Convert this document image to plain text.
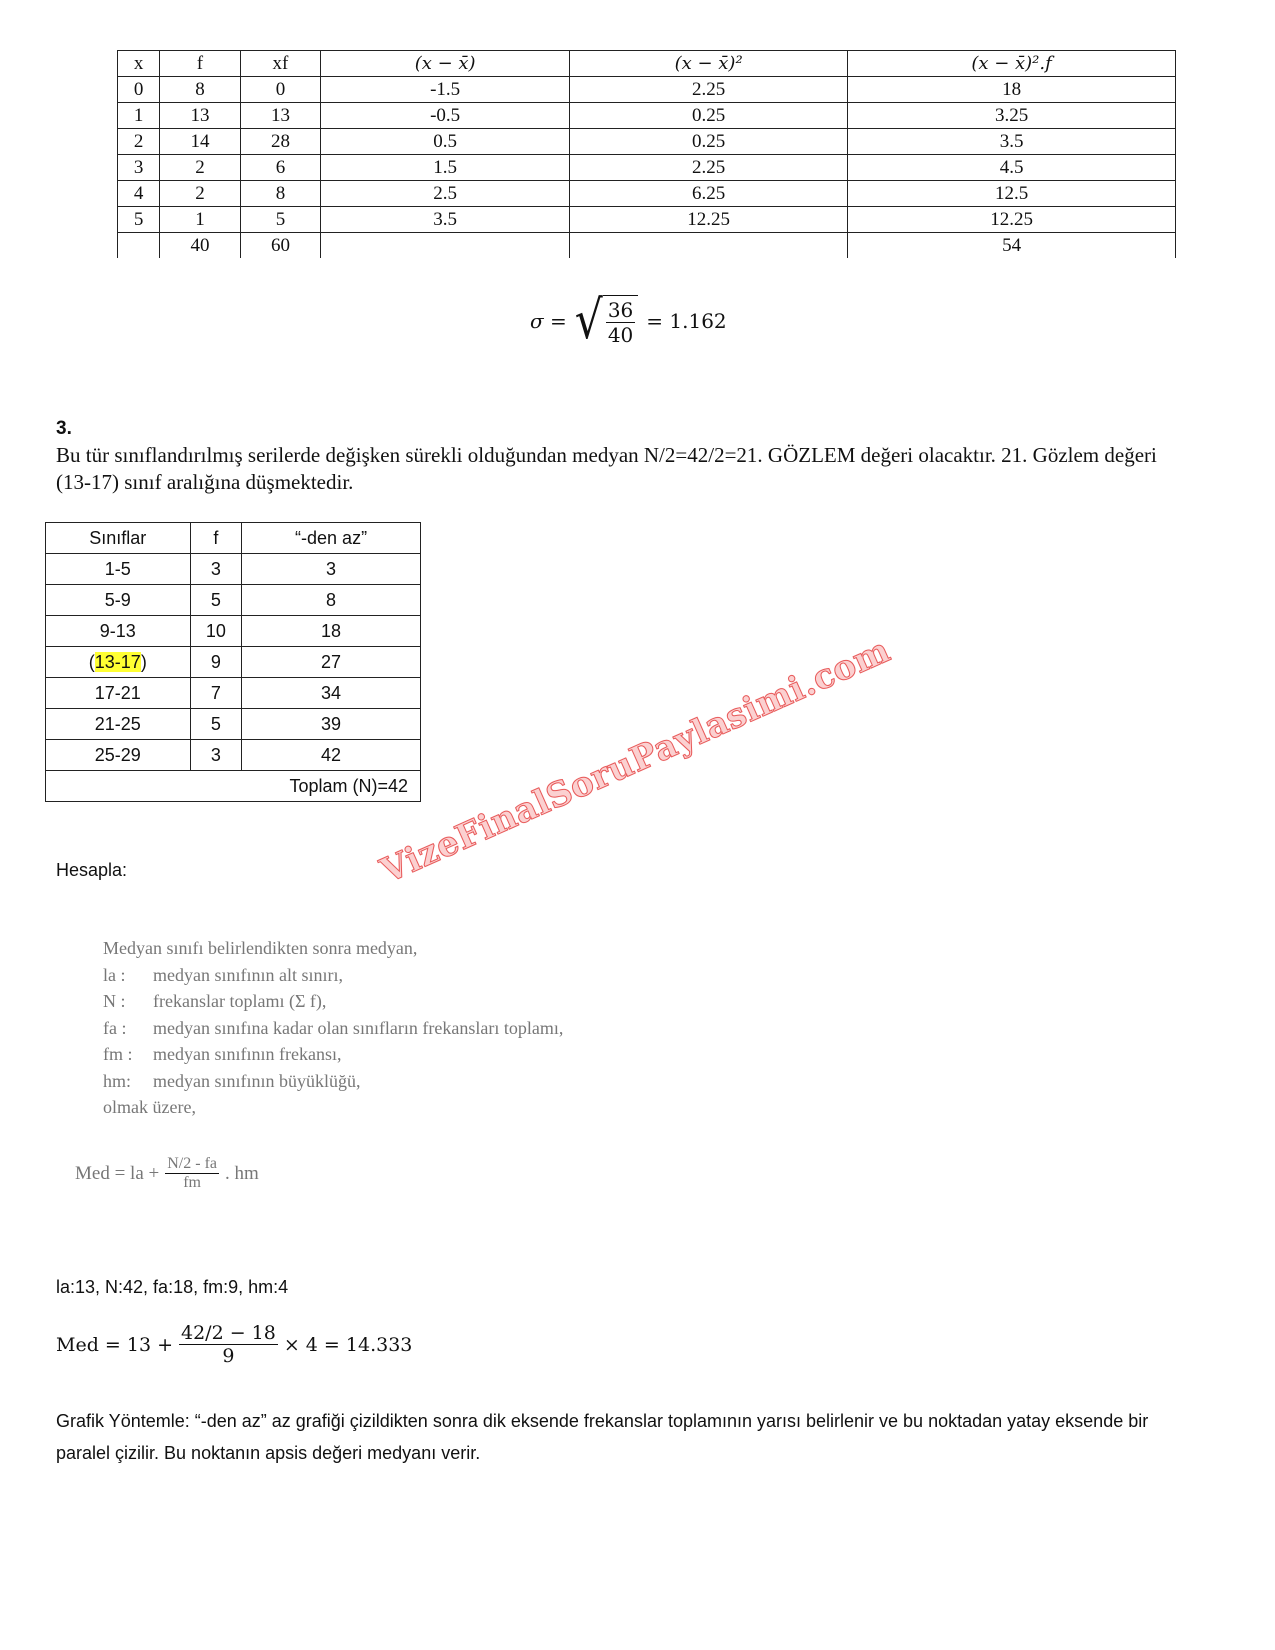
x	f	xf	(x − x̄)	(x − x̄)²	(x − x̄)².f
0	8	0	-1.5	2.25	18
1	13	13	-0.5	0.25	3.25
2	14	28	0.5	0.25	3.5
3	2	6	1.5	2.25	4.5
4	2	8	2.5	6.25	12.5
5	1	5	3.5	12.25	12.25
	40	60			54
σ = √ $\frac{36}{40} = 1.162$
3.
Bu tür sınıflandırılmış serilerde değişken sürekli olduğundan medyan N/2=42/2=21. GÖZLEM değeri olacaktır. 21. Gözlem değeri (13-17) sınıf aralığına düşmektedir.
Sınıflar	f	“-den az”
1-5	3	3
5-9	5	8
9-13	10	18
(13-17)	9	27
17-21	7	34
21-25	5	39
25-29	3	42
Toplam (N)=42		
VizeFinalSoruPaylasimi.com
Hesapla:
Medyan sınıfı belirlendikten sonra medyan,
la : medyan sınıfının alt sınırı,
N : frekanslar toplamı (Σ f),
fa : medyan sınıfına kadar olan sınıfların frekansları toplamı,
fm : medyan sınıfının frekansı,
hm: medyan sınıfının büyüklüğü,
olmak üzere,
Med = la + $\frac{N/2 - fa}{fm}$ . hm
la:13, N:42, fa:18, fm:9, hm:4
Med = $13 + \frac{42/2 - 18}{9} \times 4 = 14.333$
Grafik Yöntemle: “-den az” az grafiği çizildikten sonra dik eksende frekanslar toplamının yarısı belirlenir ve bu noktadan yatay eksende bir paralel çizilir. Bu noktanın apsis değeri medyanı verir.
